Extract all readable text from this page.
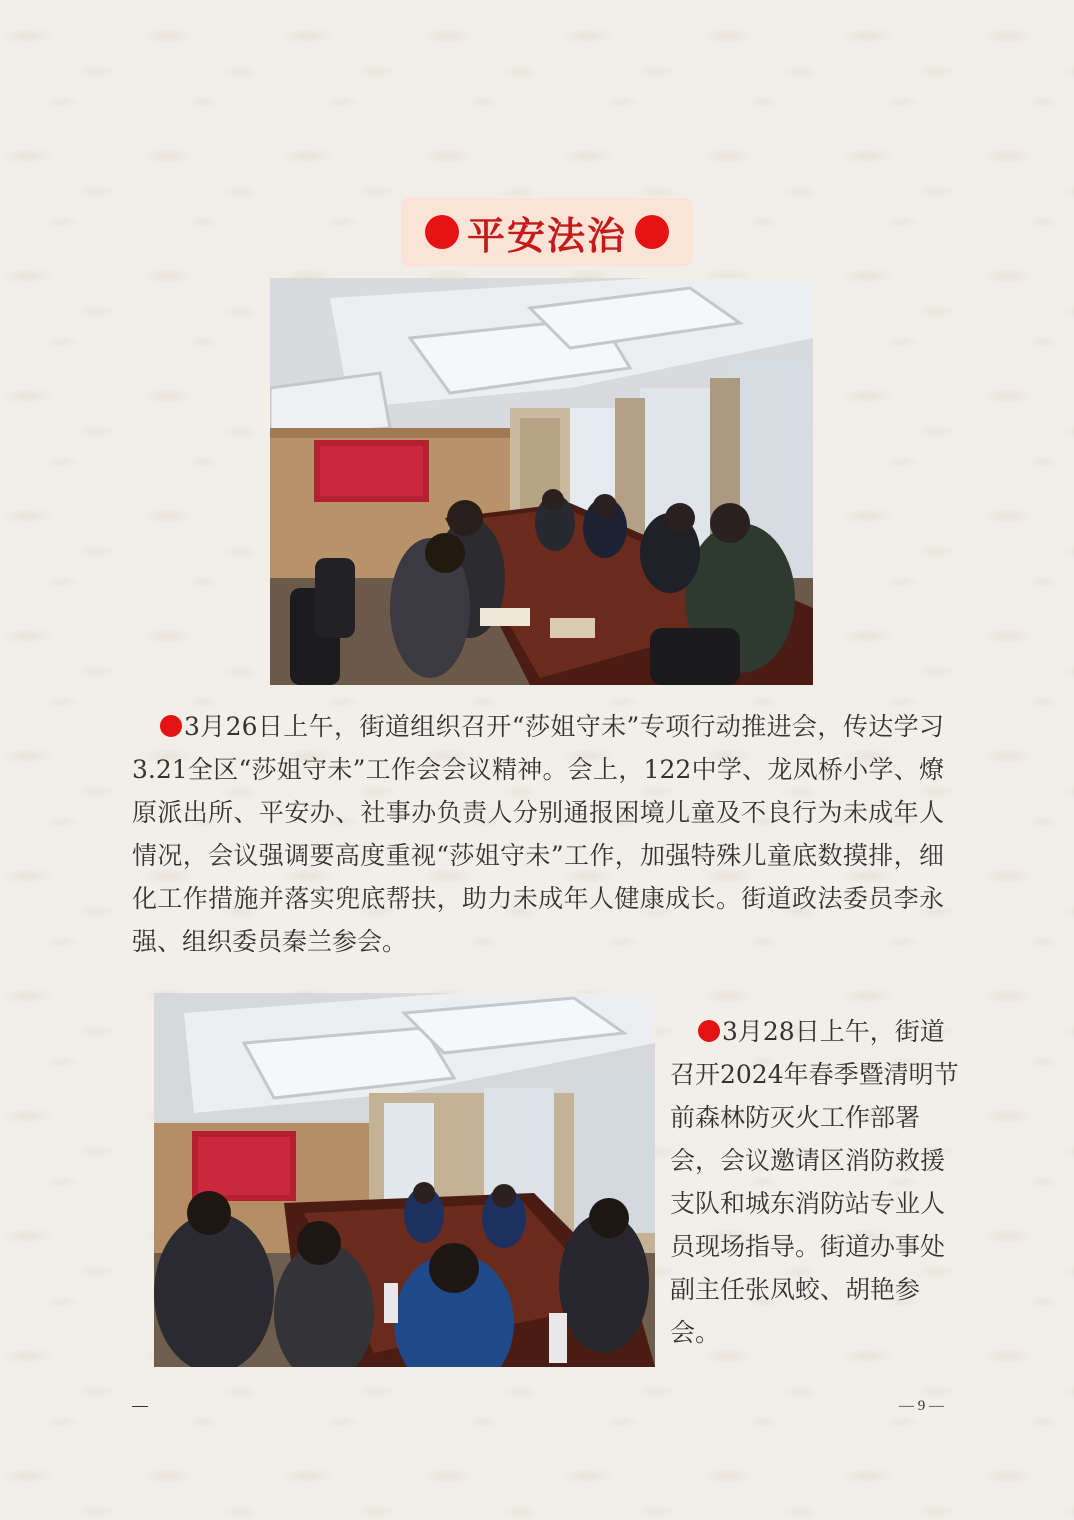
平安法治

3月26日上午，街道组织召开“莎姐守未”专项行动推进会，传达学习3.21全区“莎姐守未”工作会会议精神。会上，122中学、龙凤桥小学、燎原派出所、平安办、社事办负责人分别通报困境儿童及不良行为未成年人情况，会议强调要高度重视“莎姐守未”工作，加强特殊儿童底数摸排，细化工作措施并落实兜底帮扶，助力未成年人健康成长。街道政法委员李永强、组织委员秦兰参会。

3月28日上午，街道召开2024年春季暨清明节前森林防灭火工作部署会，会议邀请区消防救援支队和城东消防站专业人员现场指导。街道办事处副主任张凤蛟、胡艳参会。

— 9 —
